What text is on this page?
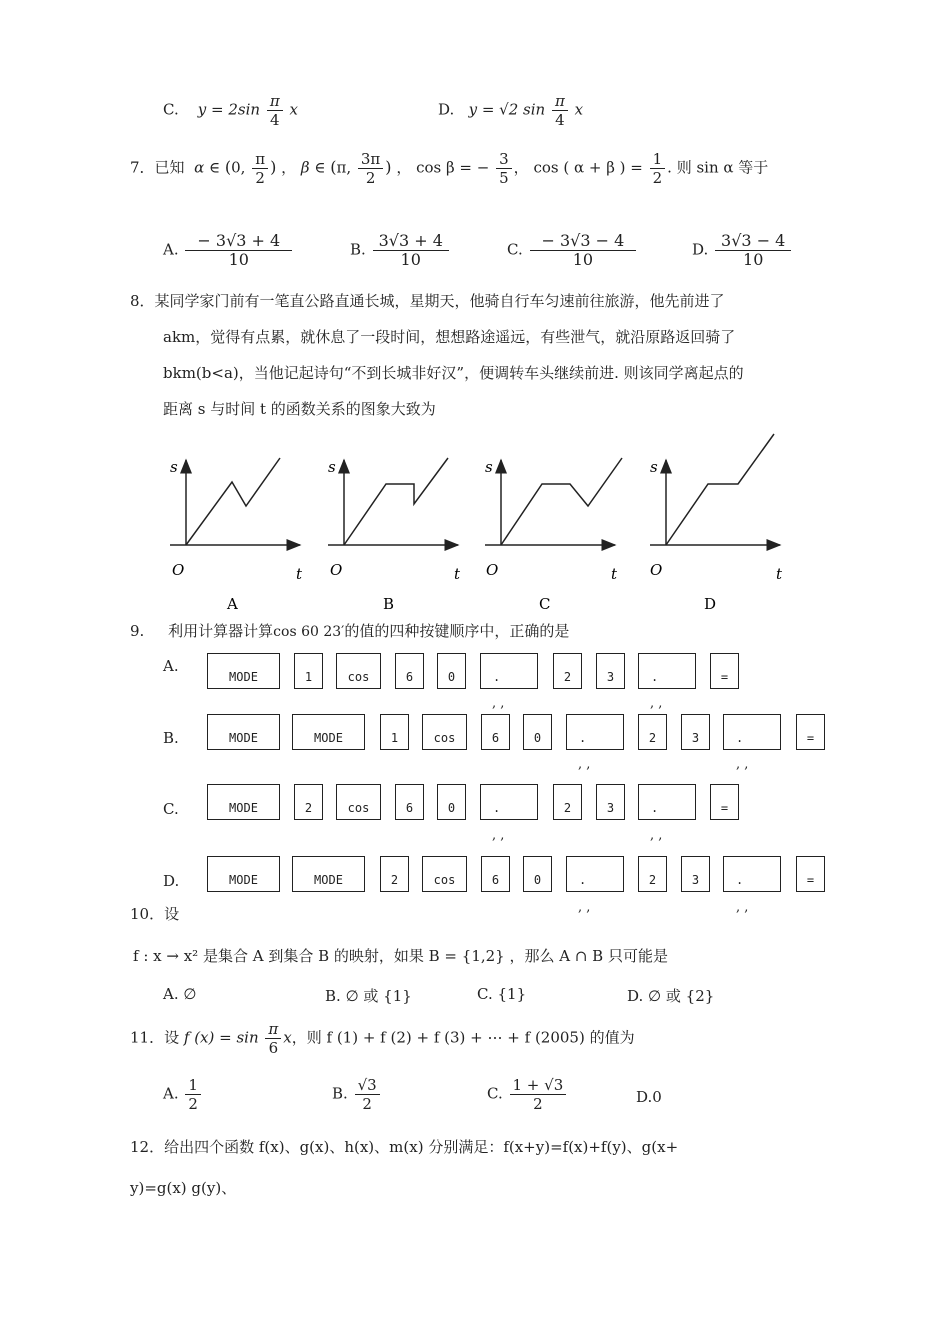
C. $y = 2\sin \frac{\pi}{4}$ x	D. y = √2 $\sin \frac{\pi}{4}$ x
7．已知 α ∈ (0, $\frac{\pi}{2}$ ) ， β ∈ (π, $\frac{3\pi}{2}$ ) ， cos β = − $\frac{3}{5}$ ， cos ( α + β ) = $\frac{1}{2}$ . 则 sin α 等于
A. $\frac{- 3√3 + 4}{10}$	B. $\frac{3√3 + 4}{10}$	C. $\frac{- 3√3 - 4}{10}$	D. $\frac{3√3 - 4}{10}$
8．某同学家门前有一笔直公路直通长城，星期天，他骑自行车匀速前往旅游，他先前进了
akm，觉得有点累，就休息了一段时间，想想路途遥远，有些泄气，就沿原路返回骑了
bkm(b<a)，当他记起诗句“不到长城非好汉”，便调转车头继续前进. 则该同学离起点的
距离 s 与时间 t 的函数关系的图象大致为
s
t
O
A
s
t
O
B
s
t
O
C
s
t
O
D
9. 利用计算器计算cos 60 23′的值的四种按键顺序中，正确的是
A.
MODE	1	cos	6	0	.	2	3	.	=
, ,	, ,
B.	MODE	MODE	1	cos	6	0	.	2	3	.	=
, ,	, ,
C.	MODE	2	cos	6	0	.	2	3	.	=
, ,	, ,
D.	MODE	MODE	2	cos	6	0	.	2	3	.	=
, ,	, ,
10．设
f : x → x² 是集合 A 到集合 B 的映射，如果 B = {1,2} ，那么 A ∩ B 只可能是
A. ∅	B. ∅ 或 {1}	C. {1}	D. ∅ 或 {2}
11．设 f $(x) = \sin \frac{\pi}{6}$ x，则 f (1) + f (2) + f (3) + ⋯ + f (2005) 的值为
A. $\frac{1}{2}$	B. $\frac{√3}{2}$	C. $\frac{1 + √3}{2}$	D.0
12．给出四个函数 f(x)、g(x)、h(x)、m(x) 分别满足：f(x+y)=f(x)+f(y)、g(x+
y)=g(x) g(y)、
